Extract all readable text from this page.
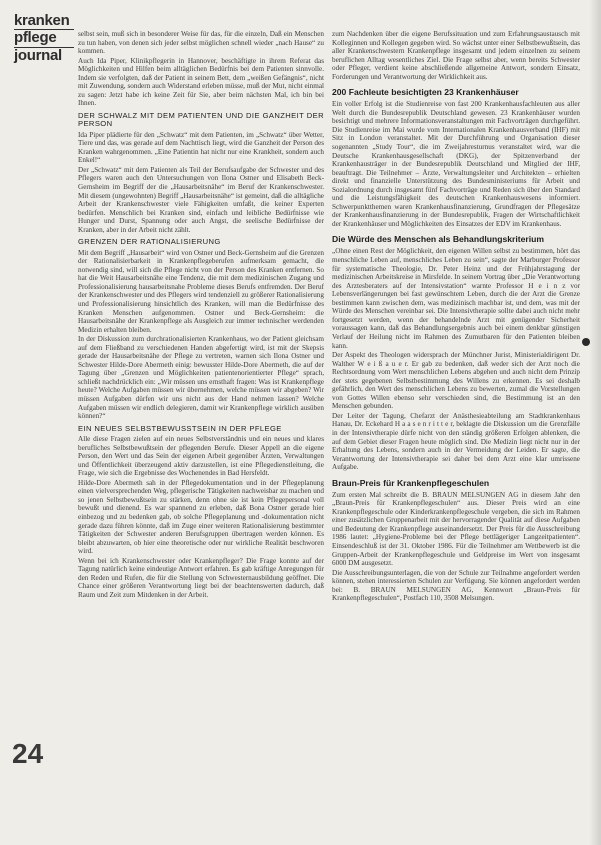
kranken
pflege
journal

selbst sein, muß sich in besonderer Weise für das, für die einzeln, Daß ein Menschen zu tun haben, von denen sich jeder selbst möglichen schnell wieder „nach Hause“ zu kommen.

Auch Ida Piper, Klinikpflegerin in Hannover, beschäftigte in ihrem Referat das Möglichkeiten und Hilfen beim alltäglichen Bedürfnis bei dem Patienten sinnvolle. Indem sie verfolgten, daß der Patient in seinem Bett, dem „weißen Gefängnis“, nicht mit Zuwendung, sondern auch Widerstand erleben müsse, muß der Mut, nicht einmal zu sagen: Jetzt habe ich keine Zeit für Sie, aber beim nächsten Mal, ich bin bei Ihnen.

DER SCHWALZ MIT DEM PATIENTEN UND DIE GANZHEIT DER PERSON

Ida Piper plädierte für den „Schwatz“ mit dem Patienten, im „Schwatz“ über Wetter, Tiere und das, was gerade auf dem Nachttisch liegt, wird die Ganzheit der Person des Kranken wahrgenommen. „Eine Patientin hat nicht nur eine Krankheit, sondern auch Enkel!“

Der „Schwatz“ mit dem Patienten als Teil der Berufsaufgabe der Schwester und des Pflegers waren auch den Untersuchungen von Ilona Ostner und Elisabeth Beck-Gernsheim im Begriff der die „Hausarbeitsnähe“ im Beruf der Krankenschwester. Mit diesem (ungewohnten) Begriff „Hausarbeitsnähe“ ist gemeint, daß die alltägliche Arbeit der Krankenschwester viele Fähigkeiten umfaßt, die keiner Experten bedürfen. Menschlich bei Kranken sind, einfach und leibliche Bedürfnisse wie Hunger und Durst, Spannung oder auch Angst, die seelische Bedürfnisse der Kranken, aber in der Arbeit nicht zählt.

GRENZEN DER RATIONALISIERUNG

Mit dem Begriff „Hausarbeit“ wird von Ostner und Beck-Gernsheim auf die Grenzen der Rationalisierbarkeit in Krankenpflegeberufen aufmerksam gemacht, die notwendig sind, will sich die Pflege nicht von der Person des Kranken entfernen. So hat die Weit Hausarbeitsnähe eine Tendenz, die mit dem medizinischen Zugang und Professionalisierung hausarbeitsnahe Probleme dieses Berufs entfremden. Der Beruf der Krankenschwester und des Pflegers wird tendenziell zu größerer Rationalisierung und Professionalisierung hinsichtlich des Kranken, will man die Bedürfnisse des Kranken Menschen aufgenommen. Ostner und Beck-Gernsheim: die Hausarbeitsnähe der Krankenpflege als Ausgleich zur immer technischer werdenden Medizin erhalten bleiben.

In der Diskussion zum durchrationalisierten Krankenhaus, wo der Patient gleichsam auf dem Fließband zu verschiedenen Handen abgefertigt wird, ist mit der Skepsis gerade der Hausarbeitsnähe der Pflege zu vertreten, warnen sich Ilona Ostner und Schwester Hilde-Dore Abermeth einig: bewusster Hilde-Dore Abermeth, die auf der Tagung über „Grenzen und Möglichkeiten patientenorientierter Pflege“ sprach, schließt nachdrücklich ein: „Wir müssen uns ernsthaft fragen: Was ist Krankenpflege heute? Welche Aufgaben müssen wir übernehmen, welche müssen wir abgeben? Wir müssen Aufgaben dürfen wir uns nicht aus der Hand nehmen lassen? Welche Aufgaben müssen wir endlich delegieren, damit wir Krankenpflege wirklich ausüben können?“

EIN NEUES SELBSTBEWUSSTSEIN IN DER PFLEGE

Alle diese Fragen zielen auf ein neues Selbstverständnis und ein neues und klares berufliches Selbstbewußtsein der pflegenden Berufe. Dieser Appell an die eigene Person, den Wert und das Sein der eigenen Arbeit gegenüber Ärzten, Verwaltungen und Öffentlichkeit überzeugend aktiv darzustellen, ist eine Pflegedienstleitung, die Frage, wie sich die Ergebnisse des Wochenendes in Bad Hersfeldt.

Hilde-Dore Abermeth sah in der Pflegedokumentation und in der Pflegeplanung einen vielversprechenden Weg, pflegerische Tätigkeiten nachweisbar zu machen und so jenen Selbstbewußtsein zu stärken, denn ohne sie ist kein Pflegepersonal voll bewußt und dienend. Es war spannend zu erleben, daß Bona Ostner gerade hier einbezog und zu bedenken gab, ob solche Pflegeplanung und -dokumentation nicht gerade dazu führen könnte, daß im Zuge einer weiteren Rationalisierung bestimmter Tätigkeiten der Schwester anderen Berufsgruppen übertragen werden können. Es bleibt abzuwarten, ob hier eine theoretische oder nur wirkliche Realität beschworen wird.

Wenn bei ich Krankenschwester oder Krankenpfleger? Die Frage konnte auf der Tagung natürlich keine eindeutige Antwort erfahren. Es gab kräftige Anregungen für den Reden und Rufen, die für die Stellung von Schwesternausbildung geöffnet. Die Chance einer größeren Verantwortung liegt bei der beachtenswerten dadurch, daß Raum und Zeit zum Mitdenken in der Arbeit.

zum Nachdenken über die eigene Berufssituation und zum Erfahrungsaustausch mit Kolleginnen und Kollegen gegeben wird. So wächst unter einer Selbstbewußtsein, das aller Krankenschwestern Krankenpflege insgesamt und jedem einzelnen zu seinem beruflichen Alltag wesentliches Ziel. Die Frage selbst aber, wenn bereits Schwester oder Pfleger, verdient keine abschließende allgemeine Antwort, sondern Einsatz, Forderungen und Verantwortung der Wirklichkeit aus.

200 Fachleute besichtigten 23 Krankenhäuser

Ein voller Erfolg ist die Studienreise von fast 200 Krankenhausfachleuten aus aller Welt durch die Bundesrepublik Deutschland gewesen. 23 Krankenhäuser wurden besichtigt und mehrere Informationsveranstaltungen mit Fachvorträgen durchgeführt. Die Studienreise im Mai wurde vom Internationalen Krankenhausverband (IHF) mit Sitz in London veranstaltet. Mit der Durchführung und Organisation dieser sogenannten „Study Tour“, die im Zweijahresturnus veranstaltet wird, war die Deutsche Krankenhausgesellschaft (DKG), der Spitzenverband der Krankenhausträger in der Bundesrepublik Deutschland und Mitglied der IHF, beauftragt. Die Teilnehmer – Ärzte, Verwaltungsleiter und Architekten – erhielten direkt und finanzielle Unterstützung des Bundesministeriums für Arbeit und Sozialordnung durch insgesamt fünf Fachvorträge und Reden sich über den Standard und die Leistungsfähigkeit des deutschen Krankenhauswesens informiert. Schwerpunktthemen waren Krankenhausfinanzierung, Grundfragen der Pflegesätze der Krankenhausfinanzierung in der Bundesrepublik, Fragen der Wirtschaftlichkeit der Krankenhäuser und Möglichkeiten des Einsatzes der EDV im Krankenhaus.

Die Würde des Menschen als Behandlungskriterium

„Ohne einen Rest der Möglichkeit, den eigenen Willen selbst zu bestimmen, hört das menschliche Leben auf, menschliches Leben zu sein“, sagte der Marburger Professor für systematische Theologie, Dr. Peter Heinz und der Frühjahrstagung der medizinischen Arbeitskreise in Mirsfelde. In seinem Vortrag über „Die Verantwortung des Arztesberaters auf der Intensivstation“ warnte Professor H e i n z vor Lebensverlängerungen bei fast gewünschtem Leben, durch die der Arzt die Grenze bestimmen kann zwischen dem, was medizinisch machbar ist, und dem, was mit der Würde des Menschen vereinbar sei. Die Intensivtherapie sollte dabei auch nicht mehr fortgesetzt werden, wenn der behandelnde Arzt mit genügender Sicherheit voraussagen kann, daß das Behandlungsergebnis auch bei einem denkbar günstigen Verlauf der Heilung nicht im Rahmen des Zumutbaren für den Patienten bleiben kann.

Der Aspekt des Theologen widersprach der Münchner Jurist, Ministerialdirigent Dr. Walther W e i ß a u e r. Er gab zu bedenken, daß weder sich der Arzt noch die Rechtsordnung vom Wert menschlichen Lebens abgehen und auch nicht dem Prinzip der stets gegebenen Selbstbestimmung des Willens zu erkennen. Es sei deshalb gefährlich, den Wert des menschlichen Lebens zu bewerten, zumal die Vorstellungen von Gottes Willen ebenso sehr verschieden sind, die Bestimmung ist an den Menschen gebunden.

Der Leiter der Tagung, Chefarzt der Anästhesieabteilung am Stadtkrankenhaus Hanau, Dr. Eckehard H a a s e n r i t t e r, beklagte die Diskussion um die Grenzfälle in der Intensivtherapie dürfe nicht von den ständig größeren Erfolgen ablenken, die auf dem Gebiet dieser Fragen heute möglich sind. Die Medizin liegt nicht nur in der Erhaltung des Lebens, sondern auch in der Vermeidung der Leiden. Er sagte, die Verantwortung der Intensivtherapie sei daher bei dem Arzt eine klar umrissene Aufgabe.

Braun-Preis für Krankenpflegeschulen

Zum ersten Mal schreibt die B. BRAUN MELSUNGEN AG in diesem Jahr den „Braun-Preis für Krankenpflegeschulen“ aus. Dieser Preis wird an eine Krankenpflegeschule oder Kinderkrankenpflegeschule vergeben, die sich im Rahmen einer zusätzlichen Gruppenarbeit mit der hervorragender Qualität auf diese Aufgaben und Bedeutung der Krankenpflege auseinandersetzt. Der Preis für die Ausschreibung 1986 lautet: „Hygiene-Probleme bei der Pflege bettlägeriger Langzeitpatienten“. Einsendeschluß ist der 31. Oktober 1986. Für die Teilnehmer am Wettbewerb ist die Gruppen-Arbeit der Krankenpflegeschule und Geldpreise im Wert von insgesamt 6000 DM ausgesetzt.

Die Ausschreibungsunterlagen, die von der Schule zur Teilnahme angefordert werden können, stehen interessierten Schulen zur Verfügung. Sie können angefordert werden bei: B. BRAUN MELSUNGEN AG, Kennwort „Braun-Preis für Krankenpflegeschulen“, Postfach 110, 3508 Melsungen.

24
